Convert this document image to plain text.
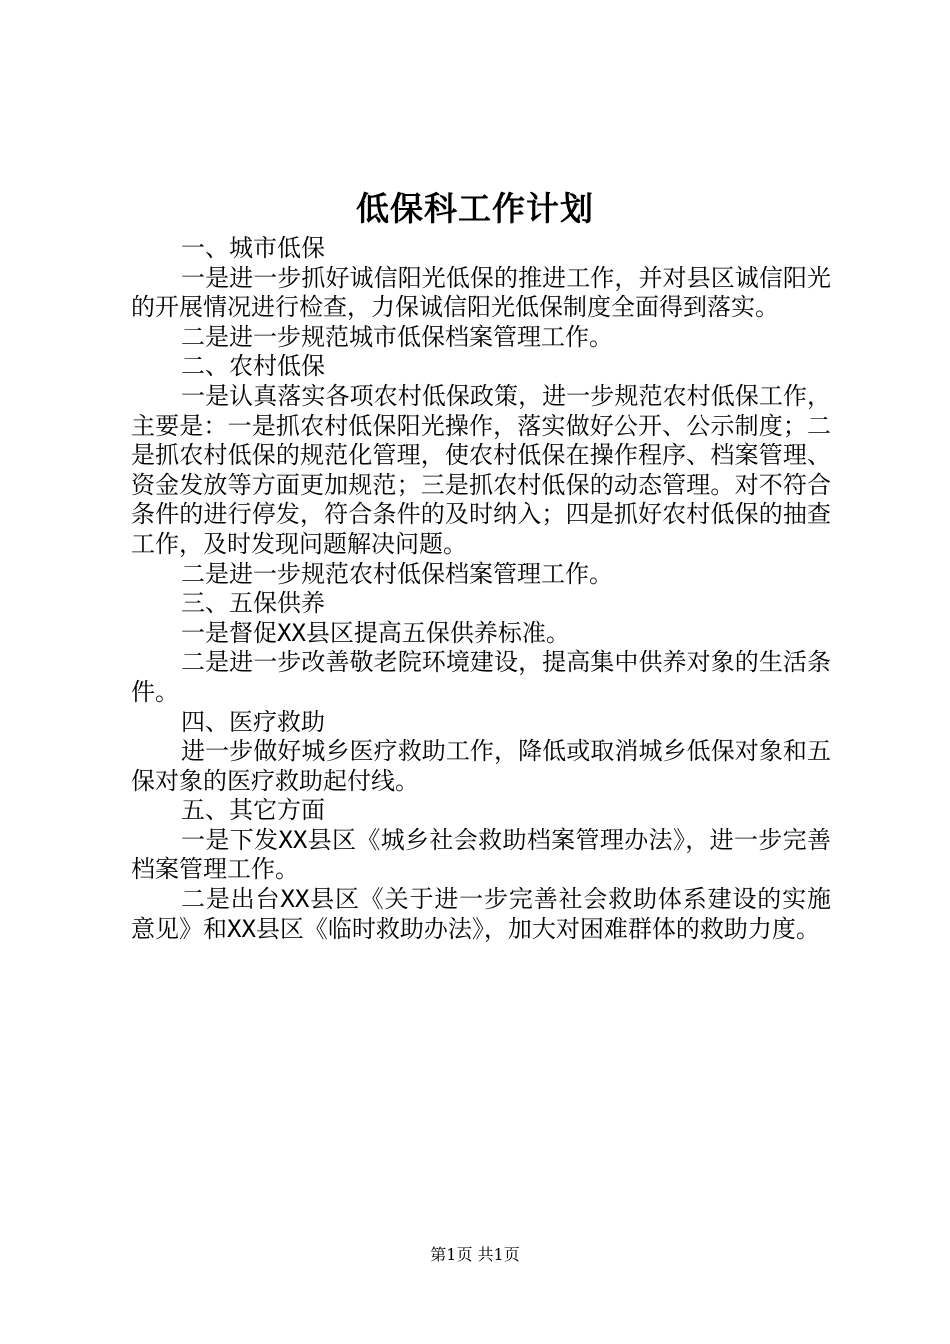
低保科工作计划

一、城市低保

一是进一步抓好诚信阳光低保的推进工作，并对县区诚信阳光的开展情况进行检查，力保诚信阳光低保制度全面得到落实。

二是进一步规范城市低保档案管理工作。

二、农村低保

一是认真落实各项农村低保政策，进一步规范农村低保工作，主要是：一是抓农村低保阳光操作，落实做好公开、公示制度；二是抓农村低保的规范化管理，使农村低保在操作程序、档案管理、资金发放等方面更加规范；三是抓农村低保的动态管理。对不符合条件的进行停发，符合条件的及时纳入；四是抓好农村低保的抽查工作，及时发现问题解决问题。

二是进一步规范农村低保档案管理工作。

三、五保供养

一是督促XX县区提高五保供养标准。

二是进一步改善敬老院环境建设，提高集中供养对象的生活条件。

四、医疗救助

进一步做好城乡医疗救助工作，降低或取消城乡低保对象和五保对象的医疗救助起付线。

五、其它方面

一是下发XX县区《城乡社会救助档案管理办法》，进一步完善档案管理工作。

二是出台XX县区《关于进一步完善社会救助体系建设的实施意见》和XX县区《临时救助办法》，加大对困难群体的救助力度。

第1页 共1页
